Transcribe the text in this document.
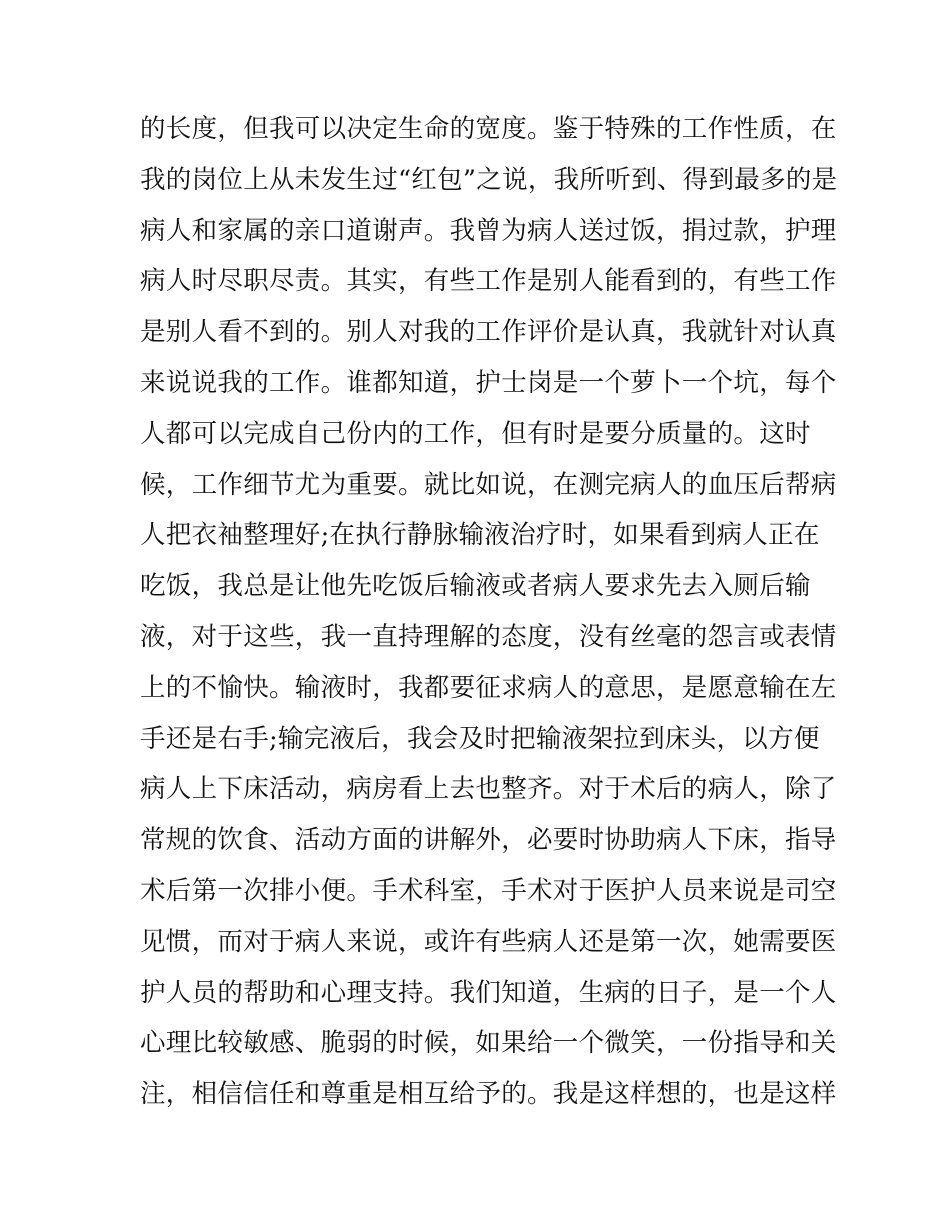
的长度，但我可以决定生命的宽度。鉴于特殊的工作性质，在
我的岗位上从未发生过“红包”之说，我所听到、得到最多的是
病人和家属的亲口道谢声。我曾为病人送过饭，捐过款，护理
病人时尽职尽责。其实，有些工作是别人能看到的，有些工作
是别人看不到的。别人对我的工作评价是认真，我就针对认真
来说说我的工作。谁都知道，护士岗是一个萝卜一个坑，每个
人都可以完成自己份内的工作，但有时是要分质量的。这时
候，工作细节尤为重要。就比如说，在测完病人的血压后帮病
人把衣袖整理好;在执行静脉输液治疗时，如果看到病人正在
吃饭，我总是让他先吃饭后输液或者病人要求先去入厕后输
液，对于这些，我一直持理解的态度，没有丝毫的怨言或表情
上的不愉快。输液时，我都要征求病人的意思，是愿意输在左
手还是右手;输完液后，我会及时把输液架拉到床头，以方便
病人上下床活动，病房看上去也整齐。对于术后的病人，除了
常规的饮食、活动方面的讲解外，必要时协助病人下床，指导
术后第一次排小便。手术科室，手术对于医护人员来说是司空
见惯，而对于病人来说，或许有些病人还是第一次，她需要医
护人员的帮助和心理支持。我们知道，生病的日子，是一个人
心理比较敏感、脆弱的时候，如果给一个微笑，一份指导和关
注，相信信任和尊重是相互给予的。我是这样想的，也是这样
